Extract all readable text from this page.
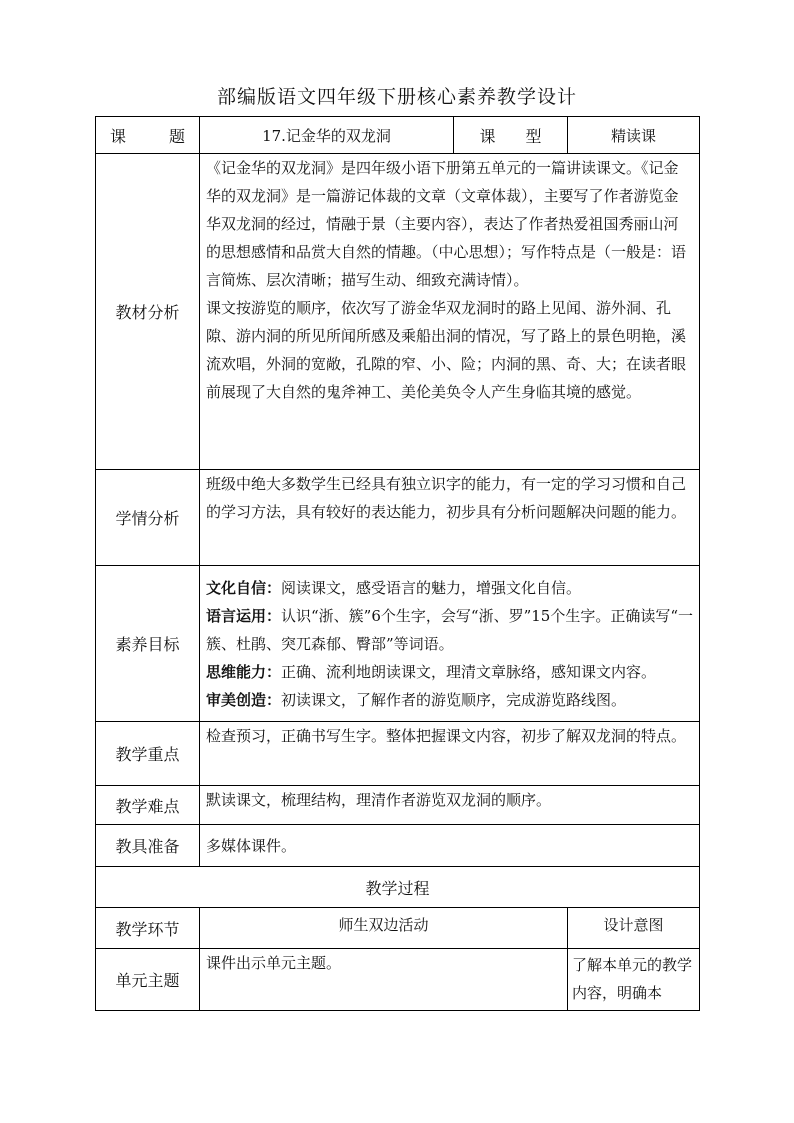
部编版语文四年级下册核心素养教学设计
课 题	17.记金华的双龙洞	课 型	精读课
教材分析	《记金华的双龙洞》是四年级小语下册第五单元的一篇讲读课文。《记金华的双龙洞》是一篇游记体裁的文章（文章体裁），主要写了作者游览金华双龙洞的经过，情融于景（主要内容），表达了作者热爱祖国秀丽山河的思想感情和品赏大自然的情趣。（中心思想）；写作特点是（一般是：语言简炼、层次清晰；描写生动、细致充满诗情）。
课文按游览的顺序，依次写了游金华双龙洞时的路上见闻、游外洞、孔隙、游内洞的所见所闻所感及乘船出洞的情况，写了路上的景色明艳，溪流欢唱，外洞的宽敞，孔隙的窄、小、险；内洞的黑、奇、大；在读者眼前展现了大自然的鬼斧神工、美伦美奂令人产生身临其境的感觉。		

学情分析	班级中绝大多数学生已经具有独立识字的能力，有一定的学习习惯和自己的学习方法，具有较好的表达能力，初步具有分析问题解决问题的能力。		
素养目标	文化自信：阅读课文，感受语言的魅力，增强文化自信。
语言运用：认识“浙、簇”6个生字，会写“浙、罗”15个生字。正确读写“一簇、杜鹃、突兀森郁、臀部”等词语。
思维能力：正确、流利地朗读课文，理清文章脉络，感知课文内容。
审美创造：初读课文，了解作者的游览顺序，完成游览路线图。		

教学重点	检查预习，正确书写生字。整体把握课文内容，初步了解双龙洞的特点。		
教学难点	默读课文，梳理结构，理清作者游览双龙洞的顺序。		
教具准备	多媒体课件。		
教学过程			
教学环节	师生双边活动		设计意图
单元主题	课件出示单元主题。		了解本单元的教学内容，明确本
